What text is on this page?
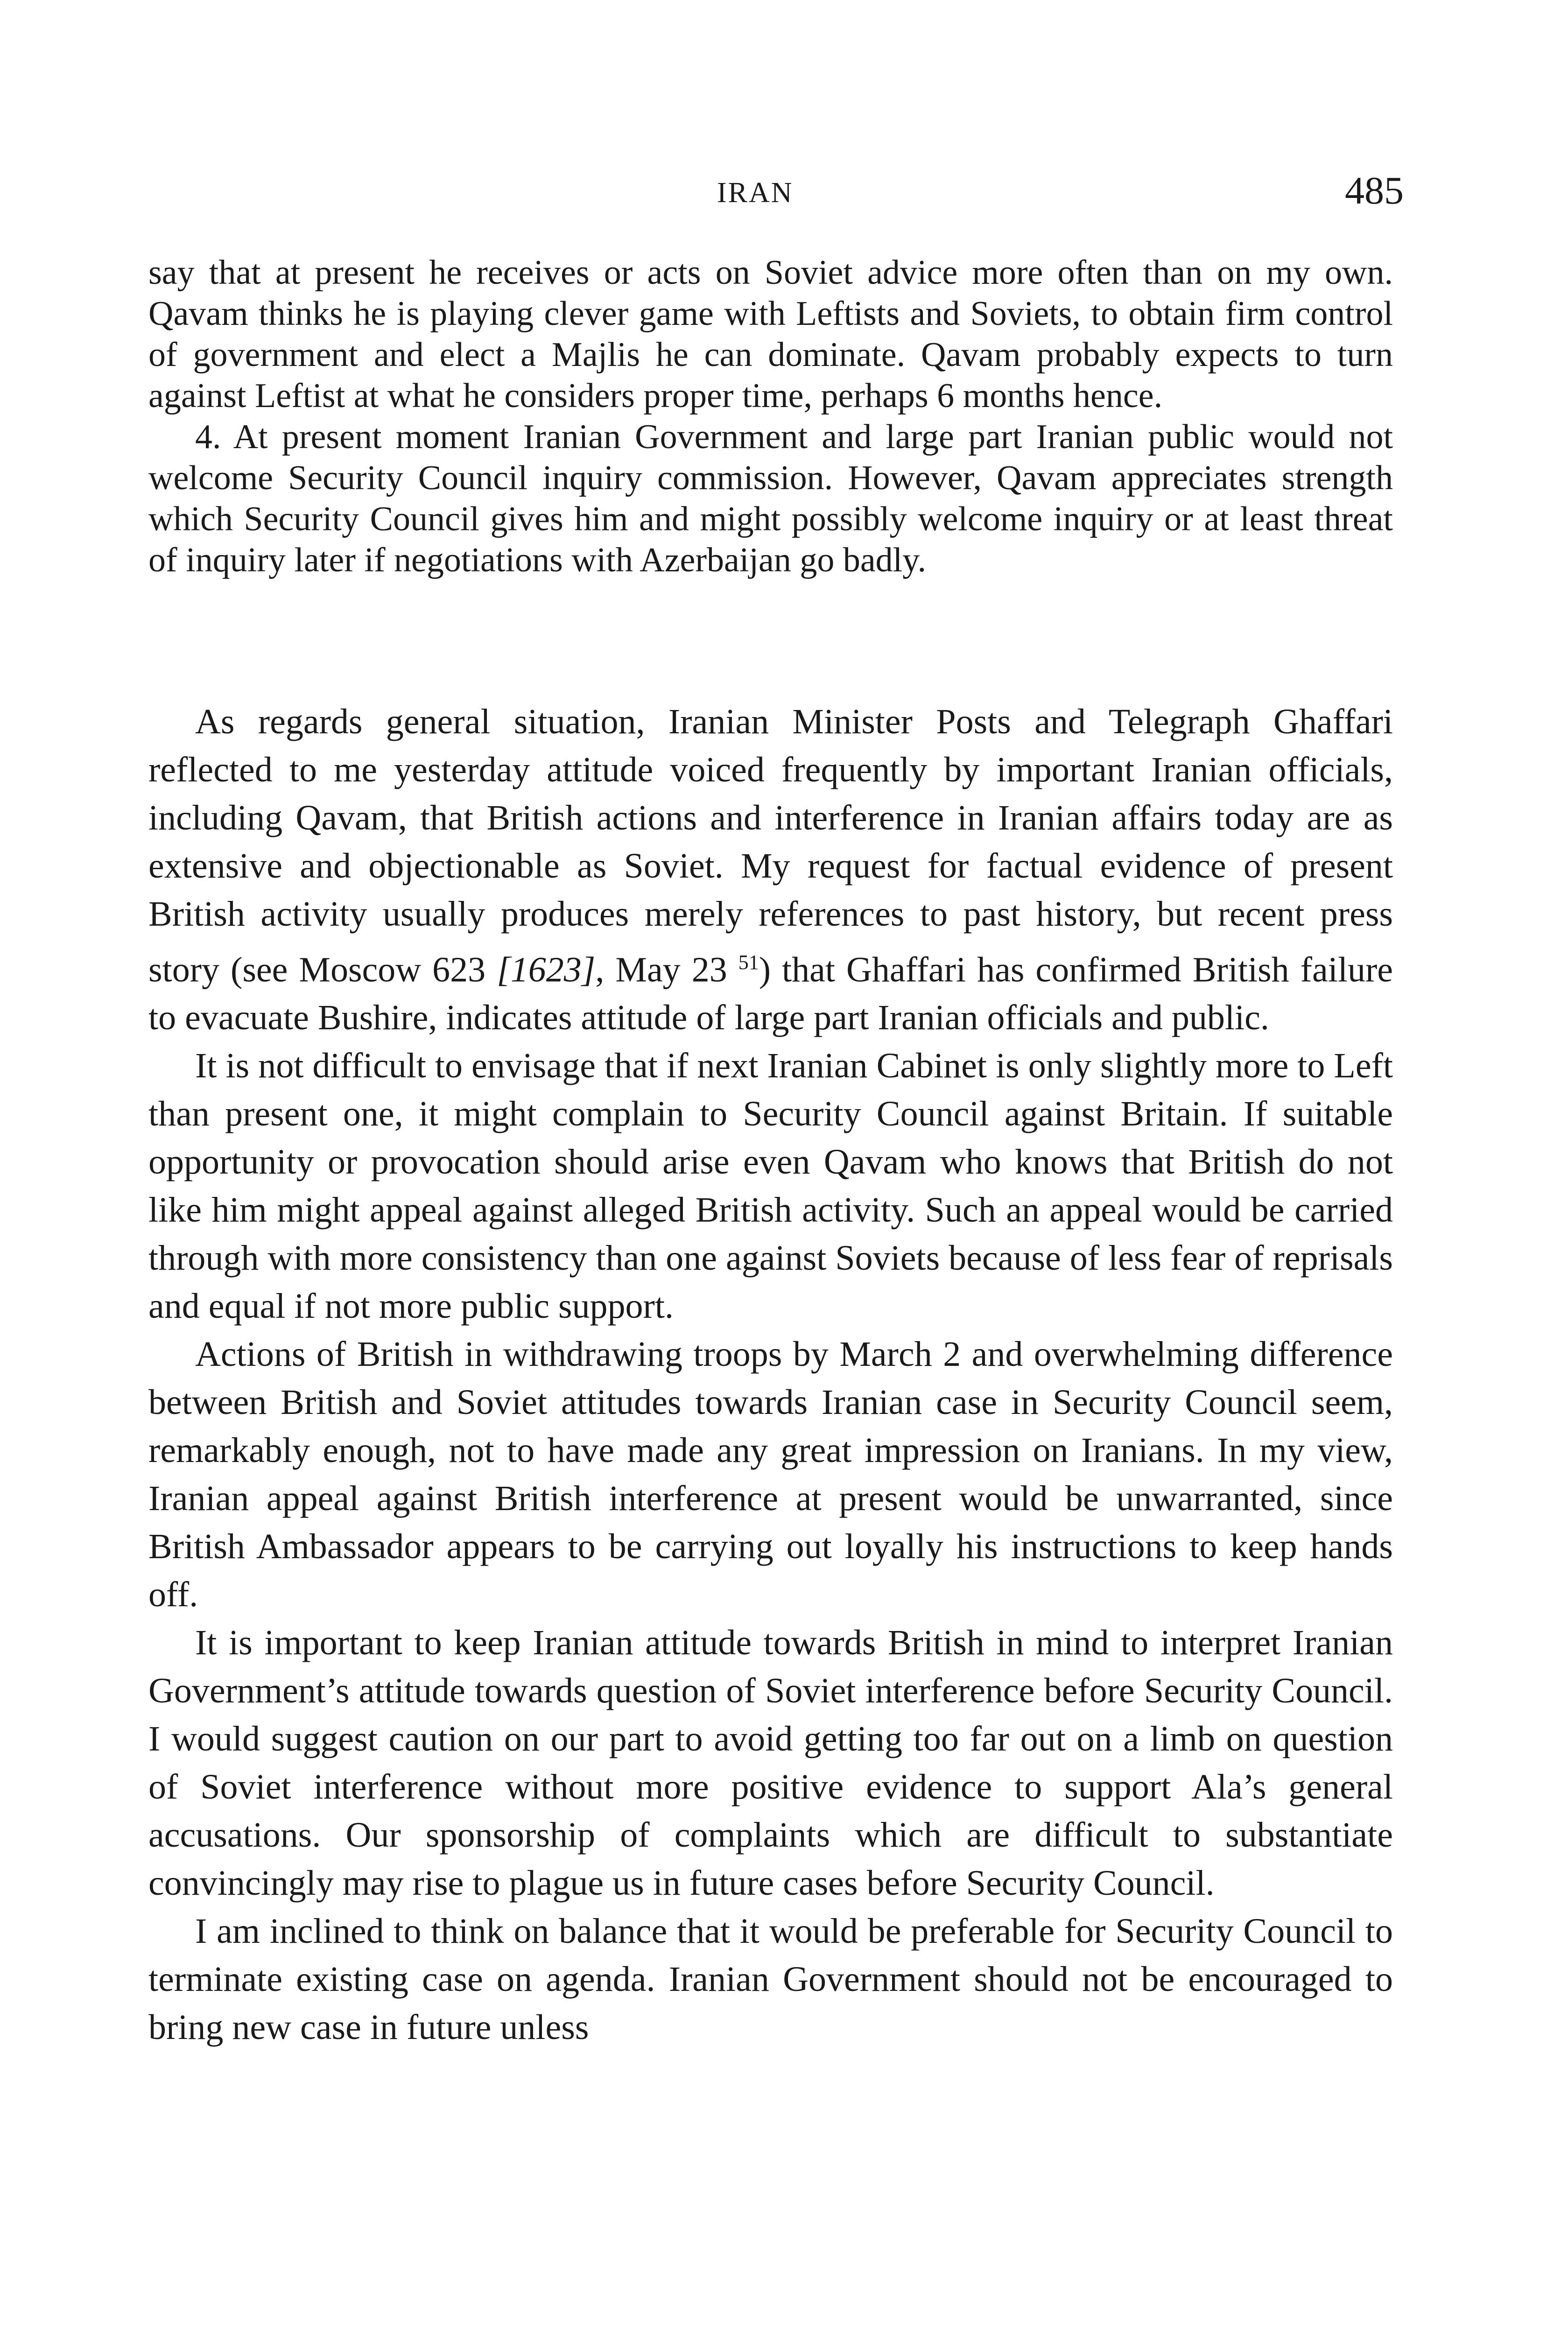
IRAN	485

say that at present he receives or acts on Soviet advice more often than on my own. Qavam thinks he is playing clever game with Leftists and Soviets, to obtain firm control of government and elect a Majlis he can dominate. Qavam probably expects to turn against Leftist at what he considers proper time, perhaps 6 months hence.

4. At present moment Iranian Government and large part Iranian public would not welcome Security Council inquiry commission. However, Qavam appreciates strength which Security Council gives him and might possibly welcome inquiry or at least threat of inquiry later if negotiations with Azerbaijan go badly.

As regards general situation, Iranian Minister Posts and Telegraph Ghaffari reflected to me yesterday attitude voiced frequently by important Iranian officials, including Qavam, that British actions and interference in Iranian affairs today are as extensive and objectionable as Soviet. My request for factual evidence of present British activity usually produces merely references to past history, but recent press story (see Moscow 623 [1623], May 23 $^{51}$) that Ghaffari has confirmed British failure to evacuate Bushire, indicates attitude of large part Iranian officials and public.

It is not difficult to envisage that if next Iranian Cabinet is only slightly more to Left than present one, it might complain to Security Council against Britain. If suitable opportunity or provocation should arise even Qavam who knows that British do not like him might appeal against alleged British activity. Such an appeal would be carried through with more consistency than one against Soviets because of less fear of reprisals and equal if not more public support.

Actions of British in withdrawing troops by March 2 and overwhelming difference between British and Soviet attitudes towards Iranian case in Security Council seem, remarkably enough, not to have made any great impression on Iranians. In my view, Iranian appeal against British interference at present would be unwarranted, since British Ambassador appears to be carrying out loyally his instructions to keep hands off.

It is important to keep Iranian attitude towards British in mind to interpret Iranian Government’s attitude towards question of Soviet interference before Security Council. I would suggest caution on our part to avoid getting too far out on a limb on question of Soviet interference without more positive evidence to support Ala’s general accusations. Our sponsorship of complaints which are difficult to substantiate convincingly may rise to plague us in future cases before Security Council.

I am inclined to think on balance that it would be preferable for Security Council to terminate existing case on agenda. Iranian Government should not be encouraged to bring new case in future unless
